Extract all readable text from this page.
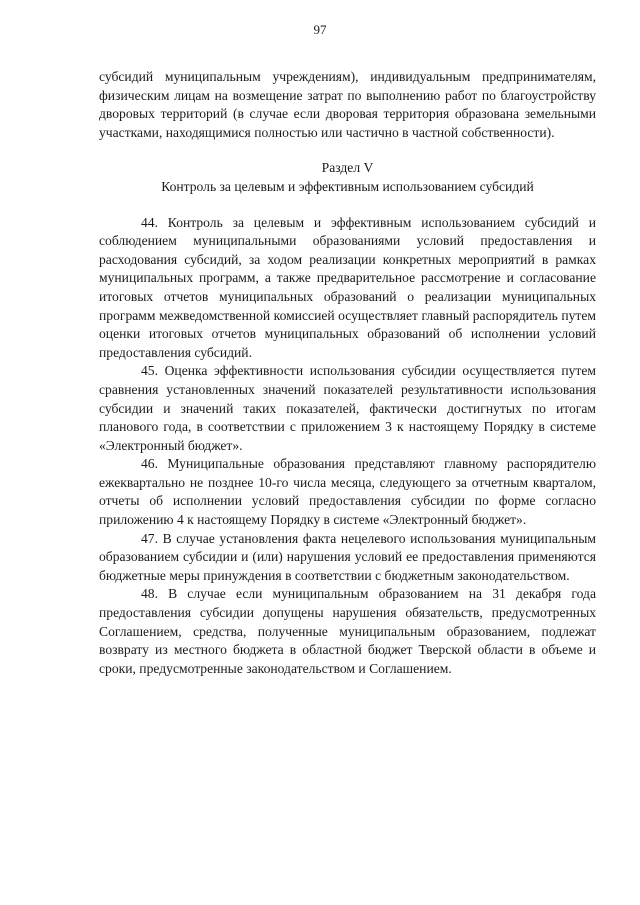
97

субсидий муниципальным учреждениям), индивидуальным предпринимателям, физическим лицам на возмещение затрат по выполнению работ по благоустройству дворовых территорий (в случае если дворовая территория образована земельными участками, находящимися полностью или частично в частной собственности).

Раздел V

Контроль за целевым и эффективным использованием субсидий

44. Контроль за целевым и эффективным использованием субсидий и соблюдением муниципальными образованиями условий предоставления и расходования субсидий, за ходом реализации конкретных мероприятий в рамках муниципальных программ, а также предварительное рассмотрение и согласование итоговых отчетов муниципальных образований о реализации муниципальных программ межведомственной комиссией осуществляет главный распорядитель путем оценки итоговых отчетов муниципальных образований об исполнении условий предоставления субсидий.

45. Оценка эффективности использования субсидии осуществляется путем сравнения установленных значений показателей результативности использования субсидии и значений таких показателей, фактически достигнутых по итогам планового года, в соответствии с приложением 3 к настоящему Порядку в системе «Электронный бюджет».

46. Муниципальные образования представляют главному распорядителю ежеквартально не позднее 10-го числа месяца, следующего за отчетным кварталом, отчеты об исполнении условий предоставления субсидии по форме согласно приложению 4 к настоящему Порядку в системе «Электронный бюджет».

47. В случае установления факта нецелевого использования муниципальным образованием субсидии и (или) нарушения условий ее предоставления применяются бюджетные меры принуждения в соответствии с бюджетным законодательством.

48. В случае если муниципальным образованием на 31 декабря года предоставления субсидии допущены нарушения обязательств, предусмотренных Соглашением, средства, полученные муниципальным образованием, подлежат возврату из местного бюджета в областной бюджет Тверской области в объеме и сроки, предусмотренные законодательством и Соглашением.
